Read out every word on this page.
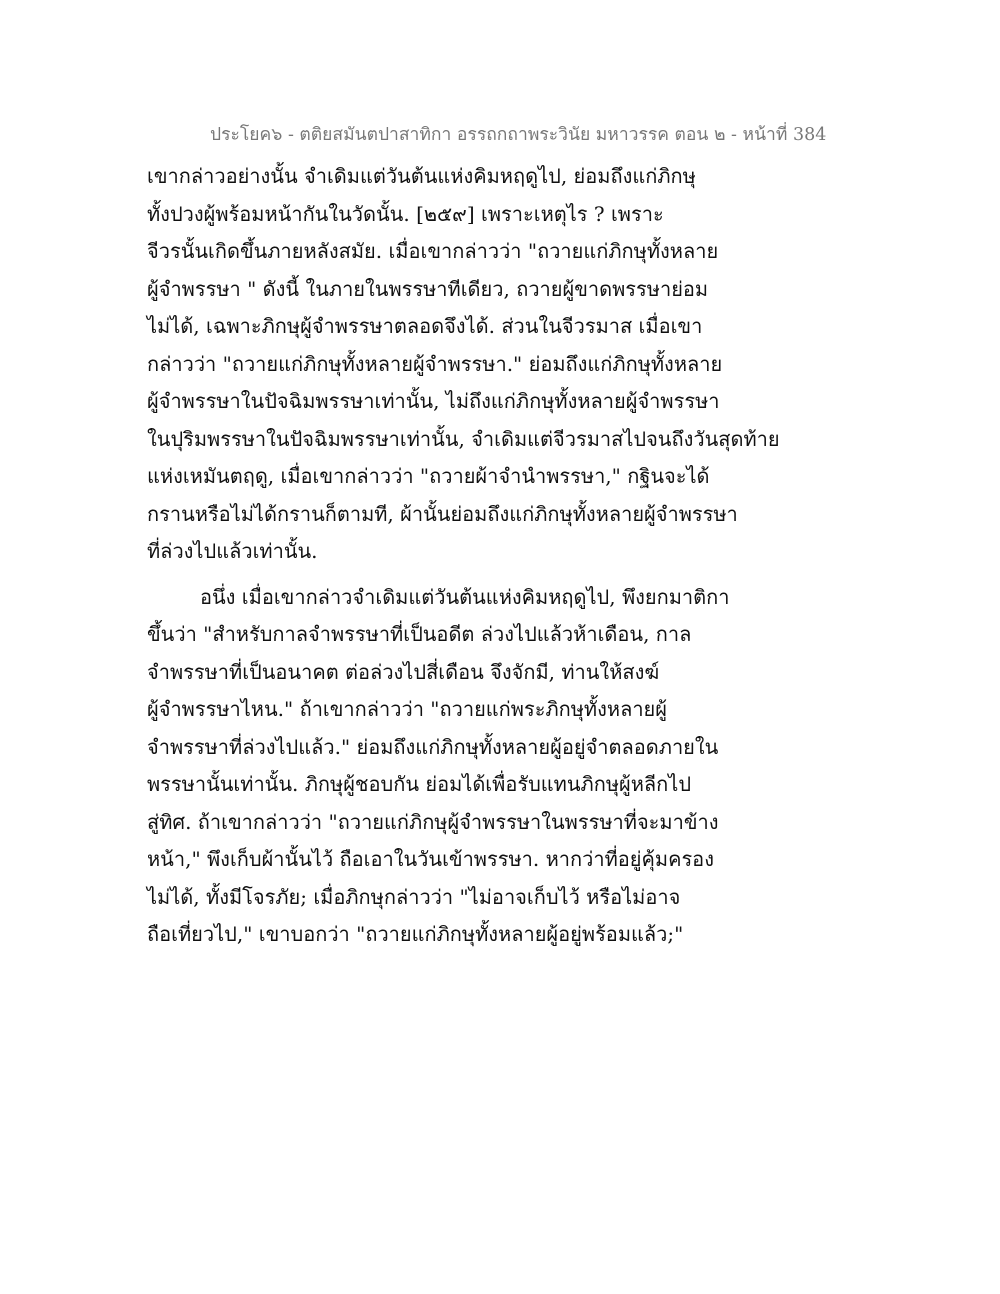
ประโยค๖ - ตติยสมันตปาสาทิกา อรรถกถาพระวินัย มหาวรรค ตอน ๒ - หน้าที่ 384
เขากล่าวอย่างนั้น จำเดิมแต่วันต้นแห่งคิมหฤดูไป, ย่อมถึงแก่ภิกษุ
ทั้งปวงผู้พร้อมหน้ากันในวัดนั้น. [๒๕๙] เพราะเหตุไร ? เพราะ
จีวรนั้นเกิดขึ้นภายหลังสมัย. เมื่อเขากล่าวว่า "ถวายแก่ภิกษุทั้งหลาย
ผู้จำพรรษา " ดังนี้ ในภายในพรรษาทีเดียว, ถวายผู้ขาดพรรษาย่อม
ไม่ได้, เฉพาะภิกษุผู้จำพรรษาตลอดจึงได้. ส่วนในจีวรมาส เมื่อเขา
กล่าวว่า "ถวายแก่ภิกษุทั้งหลายผู้จำพรรษา." ย่อมถึงแก่ภิกษุทั้งหลาย
ผู้จำพรรษาในปัจฉิมพรรษาเท่านั้น, ไม่ถึงแก่ภิกษุทั้งหลายผู้จำพรรษา
ในปุริมพรรษาในปัจฉิมพรรษาเท่านั้น, จำเดิมแต่จีวรมาสไปจนถึงวันสุดท้าย
แห่งเหมันตฤดู, เมื่อเขากล่าวว่า "ถวายผ้าจำนำพรรษา," กฐินจะได้
กรานหรือไม่ได้กรานก็ตามที, ผ้านั้นย่อมถึงแก่ภิกษุทั้งหลายผู้จำพรรษา
ที่ล่วงไปแล้วเท่านั้น.
อนึ่ง เมื่อเขากล่าวจำเดิมแต่วันต้นแห่งคิมหฤดูไป, พึงยกมาติกา
ขึ้นว่า "สำหรับกาลจำพรรษาที่เป็นอดีต ล่วงไปแล้วห้าเดือน, กาล
จำพรรษาที่เป็นอนาคต ต่อล่วงไปสี่เดือน จึงจักมี, ท่านให้สงฆ์
ผู้จำพรรษาไหน." ถ้าเขากล่าวว่า "ถวายแก่พระภิกษุทั้งหลายผู้
จำพรรษาที่ล่วงไปแล้ว." ย่อมถึงแก่ภิกษุทั้งหลายผู้อยู่จำตลอดภายใน
พรรษานั้นเท่านั้น. ภิกษุผู้ชอบกัน ย่อมได้เพื่อรับแทนภิกษุผู้หลีกไป
สู่ทิศ. ถ้าเขากล่าวว่า "ถวายแก่ภิกษุผู้จำพรรษาในพรรษาที่จะมาข้าง
หน้า," พึงเก็บผ้านั้นไว้ ถือเอาในวันเข้าพรรษา. หากว่าที่อยู่คุ้มครอง
ไม่ได้, ทั้งมีโจรภัย; เมื่อภิกษุกล่าวว่า "ไม่อาจเก็บไว้ หรือไม่อาจ
ถือเที่ยวไป," เขาบอกว่า "ถวายแก่ภิกษุทั้งหลายผู้อยู่พร้อมแล้ว;"
